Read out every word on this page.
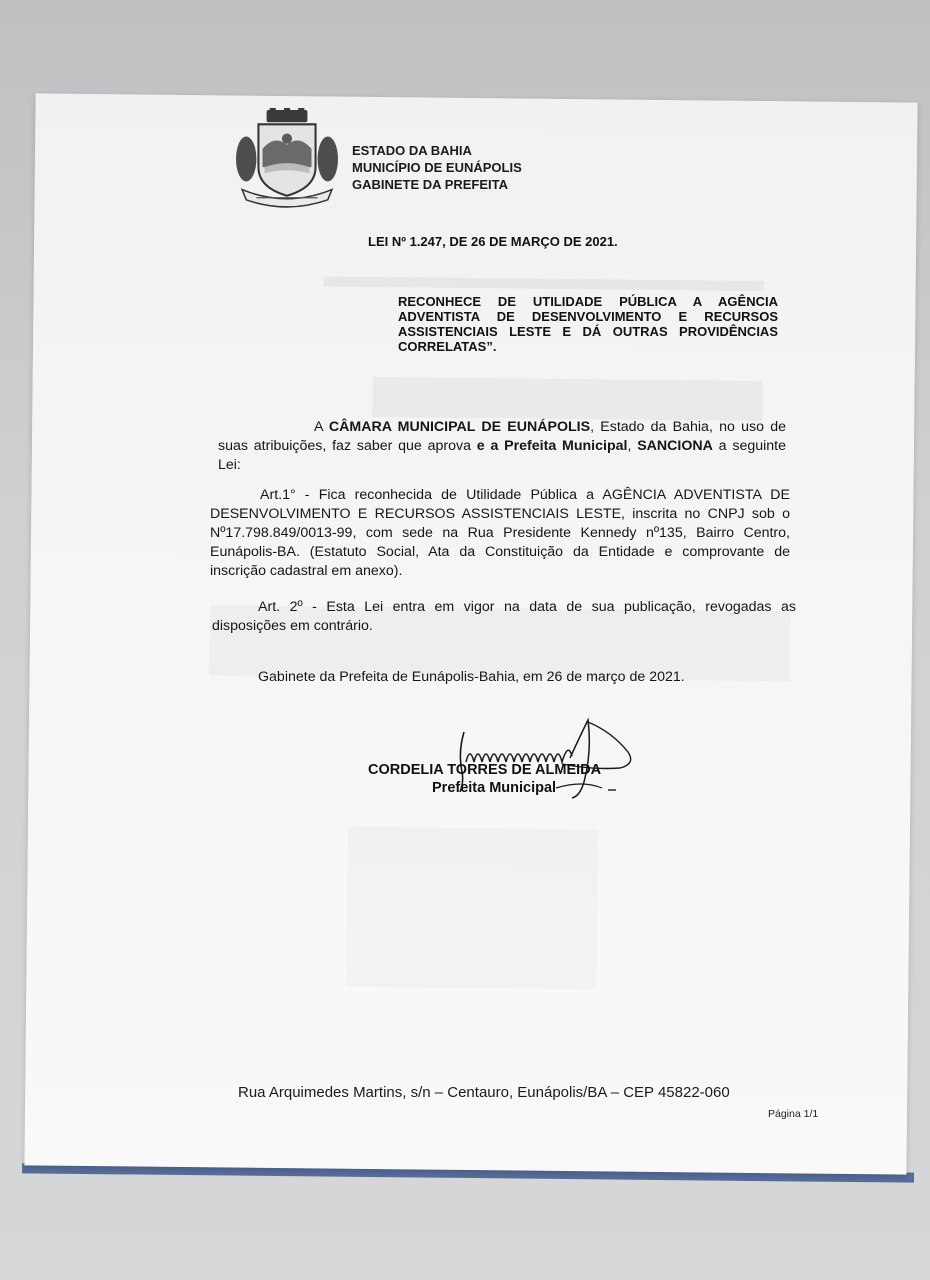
ESTADO DA BAHIA
MUNICÍPIO DE EUNÁPOLIS
GABINETE DA PREFEITA
LEI Nº 1.247, DE 26 DE MARÇO DE 2021.
RECONHECE DE UTILIDADE PÚBLICA A AGÊNCIA ADVENTISTA DE DESENVOLVIMENTO E RECURSOS ASSISTENCIAIS LESTE E DÁ OUTRAS PROVIDÊNCIAS CORRELATAS”.
A CÂMARA MUNICIPAL DE EUNÁPOLIS, Estado da Bahia, no uso de suas atribuições, faz saber que aprova e a Prefeita Municipal, SANCIONA a seguinte Lei:
Art.1° - Fica reconhecida de Utilidade Pública a AGÊNCIA ADVENTISTA DE DESENVOLVIMENTO E RECURSOS ASSISTENCIAIS LESTE, inscrita no CNPJ sob o Nº17.798.849/0013-99, com sede na Rua Presidente Kennedy nº135, Bairro Centro, Eunápolis-BA. (Estatuto Social, Ata da Constituição da Entidade e comprovante de inscrição cadastral em anexo).
Art. 2º - Esta Lei entra em vigor na data de sua publicação, revogadas as disposições em contrário.
Gabinete da Prefeita de Eunápolis-Bahia, em 26 de março de 2021.
CORDELIA TORRES DE ALMEIDA
Prefeita Municipal
Rua Arquimedes Martins, s/n – Centauro, Eunápolis/BA – CEP 45822-060
Página 1/1
